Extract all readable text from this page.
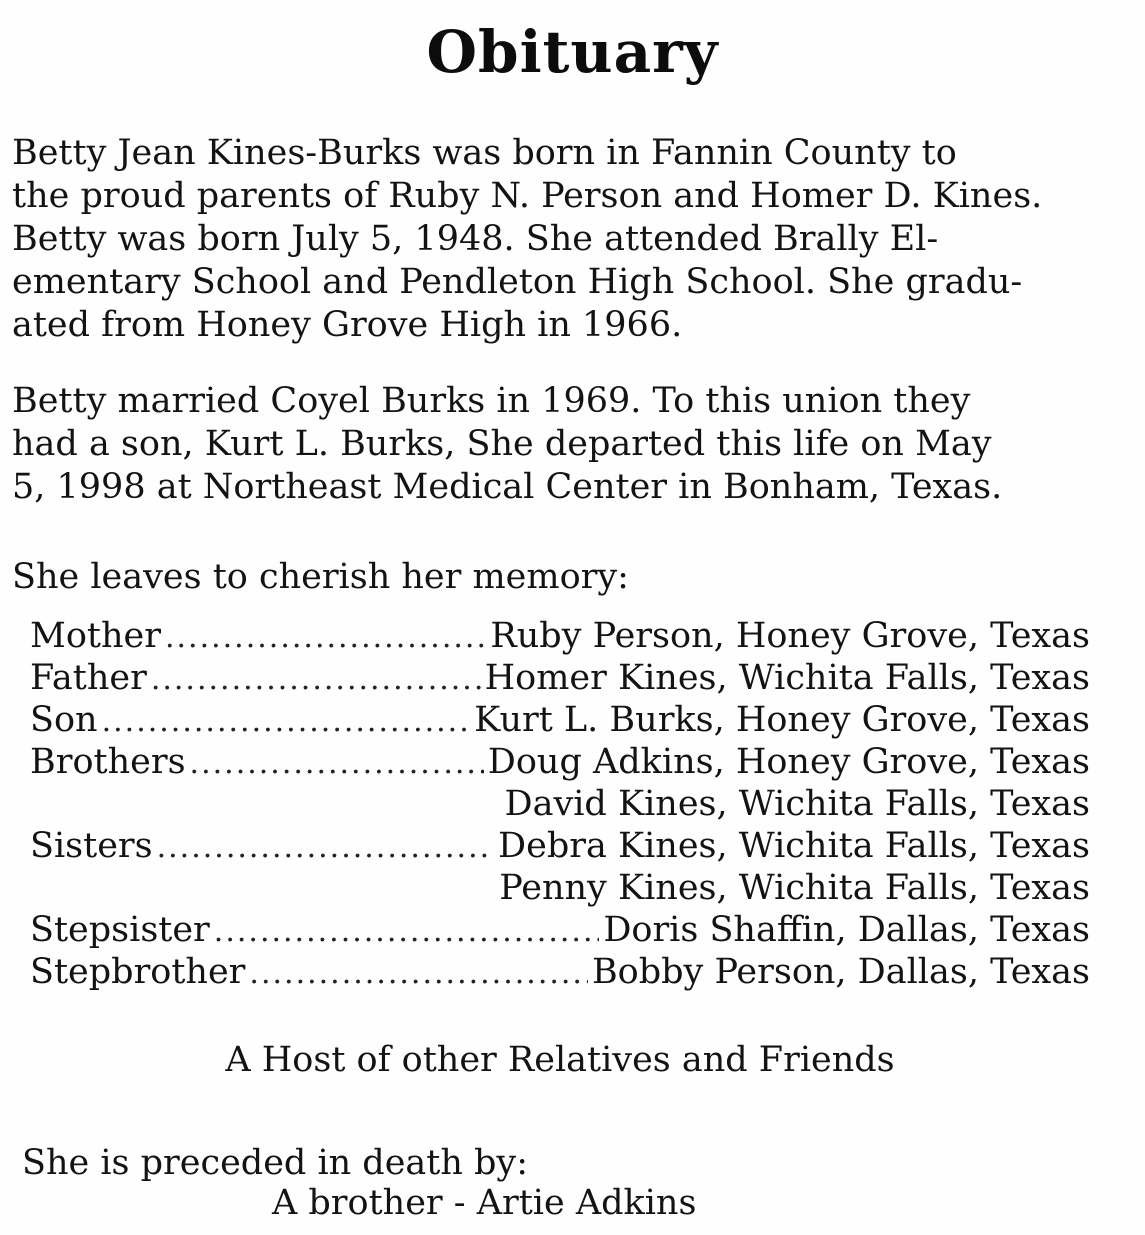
Obituary
Betty Jean Kines-Burks was born in Fannin County to
the proud parents of Ruby N. Person and Homer D. Kines.
Betty was born July 5, 1948. She attended Brally El-
ementary School and Pendleton High School. She gradu-
ated from Honey Grove High in 1966.
Betty married Coyel Burks in 1969. To this union they
had a son, Kurt L. Burks, She departed this life on May
5, 1998 at Northeast Medical Center in Bonham, Texas.
She leaves to cherish her memory:
Mother .....	Ruby Person, Honey Grove, Texas
Father .....	Homer Kines, Wichita Falls, Texas
Son .....	Kurt L. Burks, Honey Grove, Texas
Brothers .....	Doug Adkins, Honey Grove, Texas
David Kines, Wichita Falls, Texas
Sisters .....	Debra Kines, Wichita Falls, Texas
Penny Kines, Wichita Falls, Texas
Stepsister .....	Doris Shaffin, Dallas, Texas
Stepbrother .....	Bobby Person, Dallas, Texas
A Host of other Relatives and Friends
She is preceded in death by:
A brother - Artie Adkins
